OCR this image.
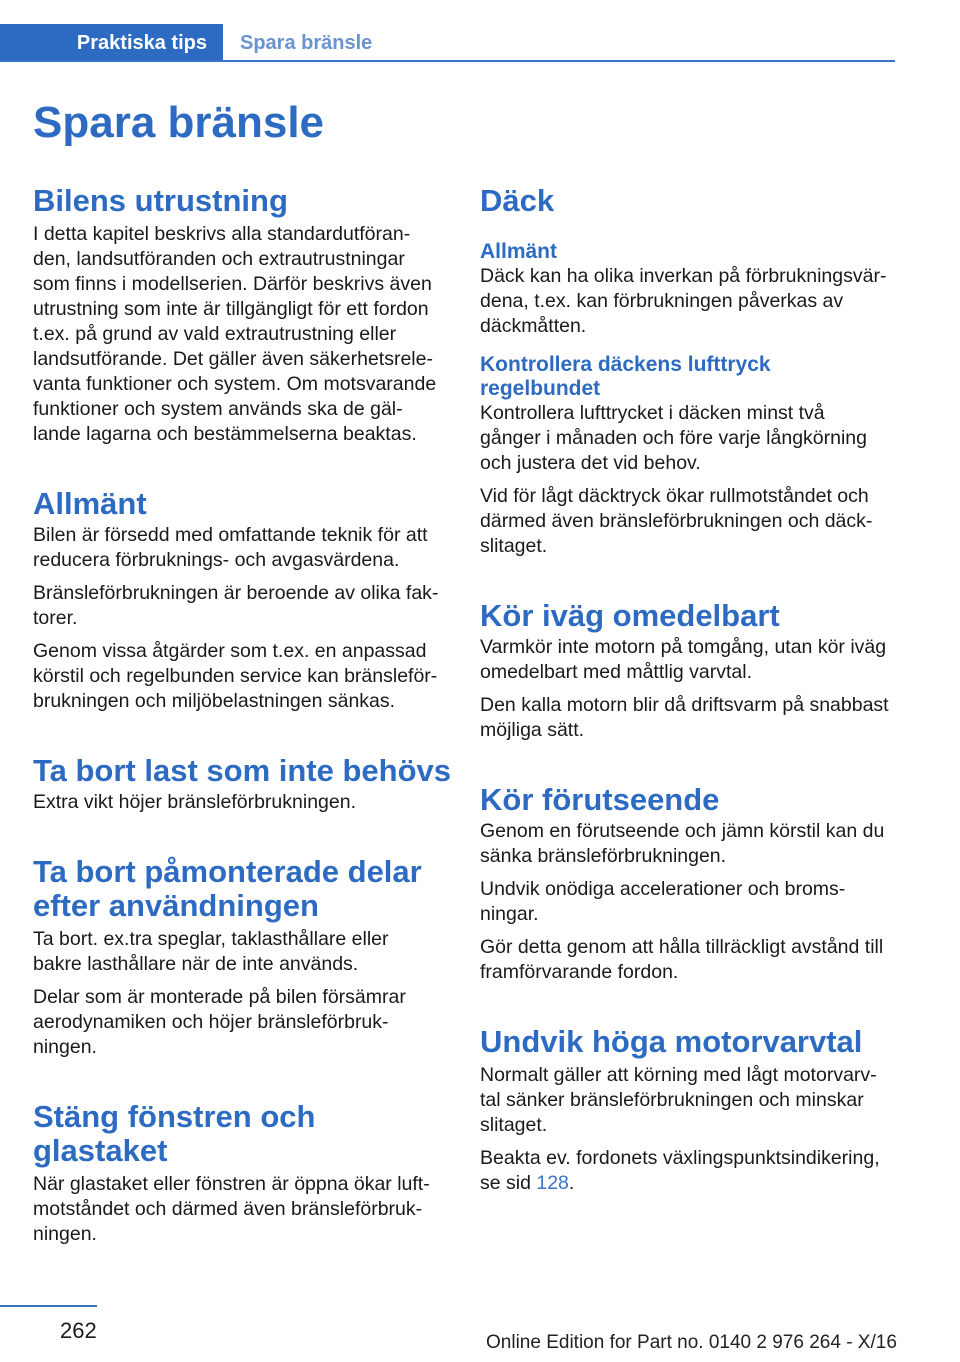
Praktiska tips	Spara bränsle
Spara bränsle
Bilens utrustning

I detta kapitel beskrivs alla standardutföran-
den, landsutföranden och extrautrustningar
som finns i modellserien. Därför beskrivs även
utrustning som inte är tillgängligt för ett fordon
t.ex. på grund av vald extrautrustning eller
landsutförande. Det gäller även säkerhetsrele-
vanta funktioner och system. Om motsvarande
funktioner och system används ska de gäl-
lande lagarna och bestämmelserna beaktas.

Allmänt

Bilen är försedd med omfattande teknik för att
reducera förbruknings- och avgasvärdena.

Bränsleförbrukningen är beroende av olika fak-
torer.

Genom vissa åtgärder som t.ex. en anpassad
körstil och regelbunden service kan bränsleför-
brukningen och miljöbelastningen sänkas.

Ta bort last som inte behövs

Extra vikt höjer bränsleförbrukningen.

Ta bort påmonterade delar
efter användningen

Ta bort. ex.tra speglar, taklasthållare eller
bakre lasthållare när de inte används.

Delar som är monterade på bilen försämrar
aerodynamiken och höjer bränsleförbruk-
ningen.

Stäng fönstren och glastaket

När glastaket eller fönstren är öppna ökar luft-
motståndet och därmed även bränsleförbruk-
ningen.

Däck
Allmänt

Däck kan ha olika inverkan på förbrukningsvär-
dena, t.ex. kan förbrukningen påverkas av
däckmåtten.

Kontrollera däckens lufttryck
regelbundet

Kontrollera lufttrycket i däcken minst två
gånger i månaden och före varje långkörning
och justera det vid behov.

Vid för lågt däcktryck ökar rullmotståndet och
därmed även bränsleförbrukningen och däck-
slitaget.

Kör iväg omedelbart

Varmkör inte motorn på tomgång, utan kör iväg
omedelbart med måttlig varvtal.

Den kalla motorn blir då driftsvarm på snabbast
möjliga sätt.

Kör förutseende

Genom en förutseende och jämn körstil kan du
sänka bränsleförbrukningen.

Undvik onödiga accelerationer och broms-
ningar.

Gör detta genom att hålla tillräckligt avstånd till
framförvarande fordon.

Undvik höga motorvarvtal

Normalt gäller att körning med lågt motorvarv-
tal sänker bränsleförbrukningen och minskar
slitaget.

Beakta ev. fordonets växlingspunktsindikering,
se sid 128.

262	Online Edition for Part no. 0140 2 976 264 - X/16
